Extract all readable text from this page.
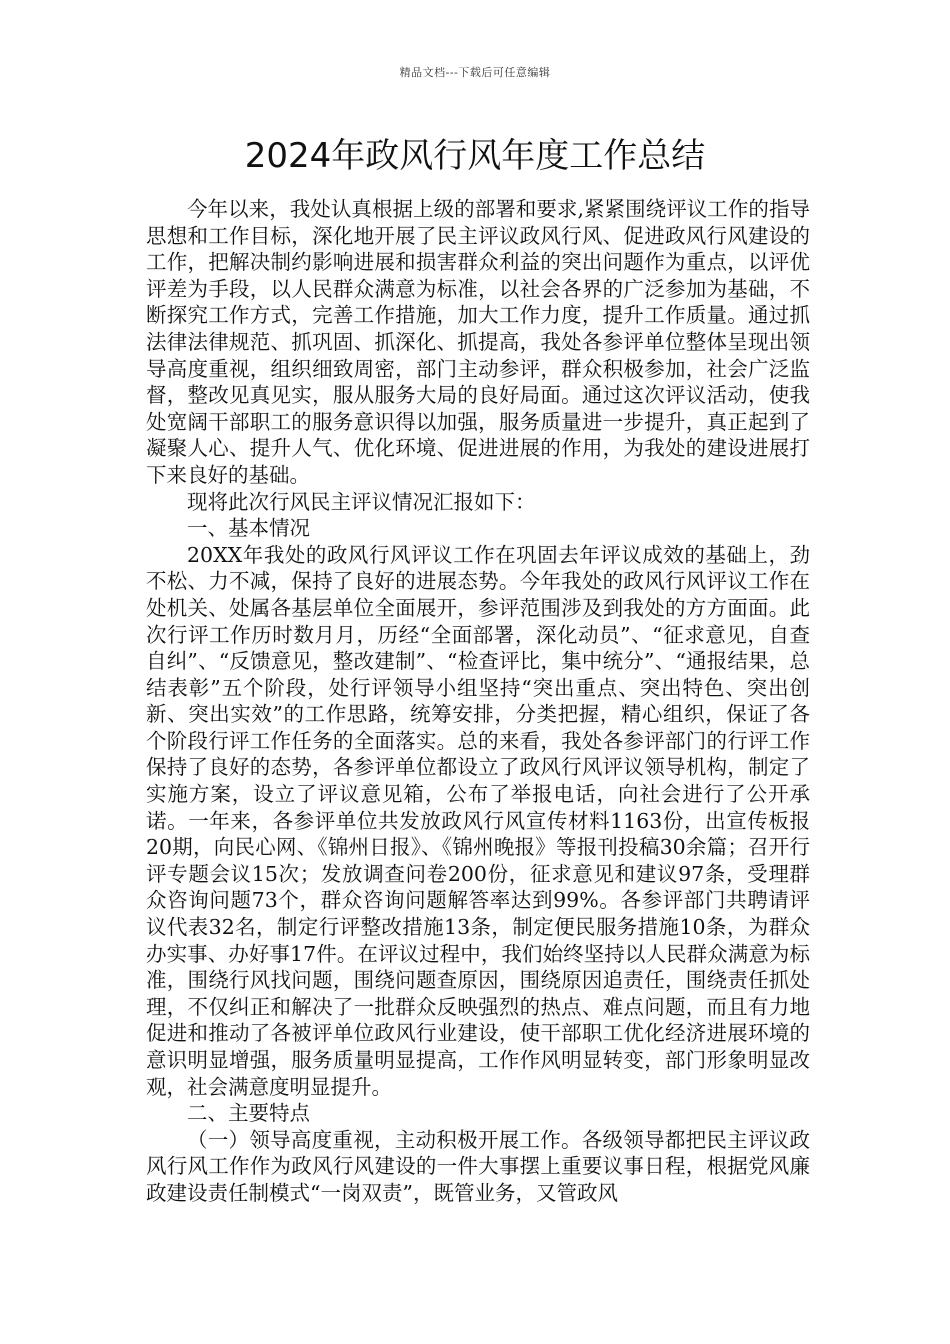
精品文档---下载后可任意编辑
2024年政风行风年度工作总结

今年以来，我处认真根据上级的部署和要求,紧紧围绕评议工作的指导思想和工作目标，深化地开展了民主评议政风行风、促进政风行风建设的工作，把解决制约影响进展和损害群众利益的突出问题作为重点，以评优评差为手段，以人民群众满意为标准，以社会各界的广泛参加为基础，不断探究工作方式，完善工作措施，加大工作力度，提升工作质量。通过抓法律法律规范、抓巩固、抓深化、抓提高，我处各参评单位整体呈现出领导高度重视，组织细致周密，部门主动参评，群众积极参加，社会广泛监督，整改见真见实，服从服务大局的良好局面。通过这次评议活动，使我处宽阔干部职工的服务意识得以加强，服务质量进一步提升，真正起到了凝聚人心、提升人气、优化环境、促进进展的作用，为我处的建设进展打下来良好的基础。

现将此次行风民主评议情况汇报如下：

一、基本情况

20XX年我处的政风行风评议工作在巩固去年评议成效的基础上，劲不松、力不减，保持了良好的进展态势。今年我处的政风行风评议工作在处机关、处属各基层单位全面展开，参评范围涉及到我处的方方面面。此次行评工作历时数月月，历经“全面部署，深化动员”、“征求意见，自查自纠”、“反馈意见，整改建制”、“检查评比，集中统分”、“通报结果，总结表彰”五个阶段，处行评领导小组坚持“突出重点、突出特色、突出创新、突出实效”的工作思路，统筹安排，分类把握，精心组织，保证了各个阶段行评工作任务的全面落实。总的来看，我处各参评部门的行评工作保持了良好的态势，各参评单位都设立了政风行风评议领导机构，制定了实施方案，设立了评议意见箱，公布了举报电话，向社会进行了公开承诺。一年来，各参评单位共发放政风行风宣传材料1163份，出宣传板报20期，向民心网、《锦州日报》、《锦州晚报》等报刊投稿30余篇；召开行评专题会议15次；发放调查问卷200份，征求意见和建议97条，受理群众咨询问题73个，群众咨询问题解答率达到99%。各参评部门共聘请评议代表32名，制定行评整改措施13条，制定便民服务措施10条，为群众办实事、办好事17件。在评议过程中，我们始终坚持以人民群众满意为标准，围绕行风找问题，围绕问题查原因，围绕原因追责任，围绕责任抓处理，不仅纠正和解决了一批群众反映强烈的热点、难点问题，而且有力地促进和推动了各被评单位政风行业建设，使干部职工优化经济进展环境的意识明显增强，服务质量明显提高，工作作风明显转变，部门形象明显改观，社会满意度明显提升。

二、主要特点

（一）领导高度重视，主动积极开展工作。各级领导都把民主评议政风行风工作作为政风行风建设的一件大事摆上重要议事日程，根据党风廉政建设责任制模式“一岗双责”，既管业务，又管政风
